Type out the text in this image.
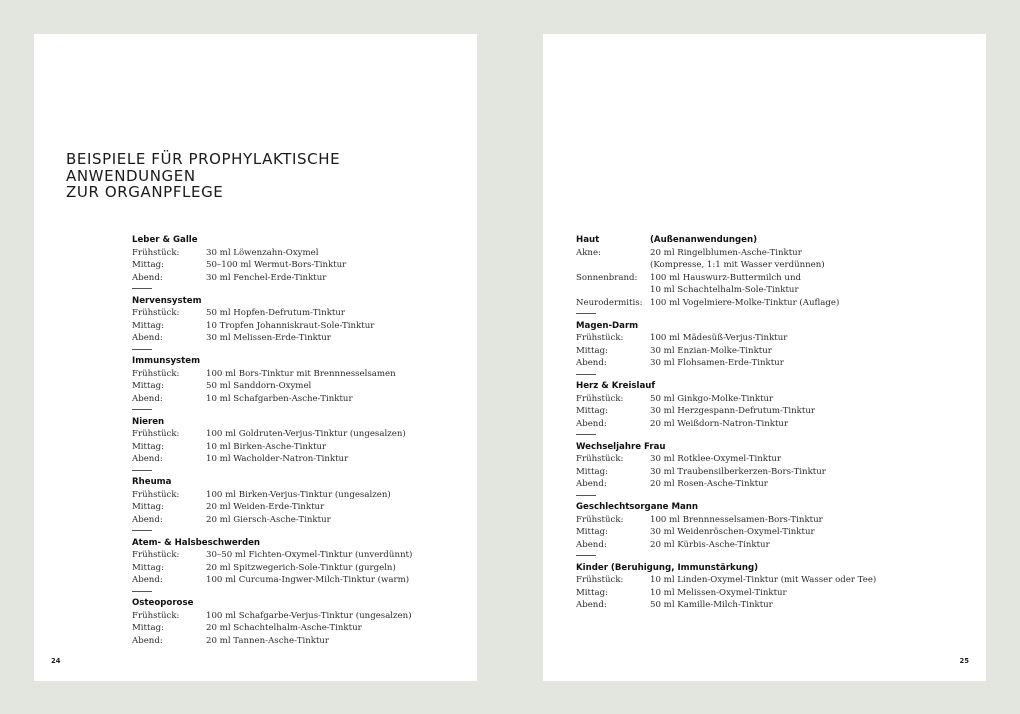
BEISPIELE FÜR PROPHYLAKTISCHE
ANWENDUNGEN
ZUR ORGANPFLEGE
Leber & Galle
Frühstück:	30 ml Löwenzahn-Oxymel
Mittag:	50–100 ml Wermut-Bors-Tinktur
Abend:	30 ml Fenchel-Erde-Tinktur
Nervensystem
Frühstück:	50 ml Hopfen-Defrutum-Tinktur
Mittag:	10 Tropfen Johanniskraut-Sole-Tinktur
Abend:	30 ml Melissen-Erde-Tinktur
Immunsystem
Frühstück:	100 ml Bors-Tinktur mit Brennnesselsamen
Mittag:	50 ml Sanddorn-Oxymel
Abend:	10 ml Schafgarben-Asche-Tinktur
Nieren
Frühstück:	100 ml Goldruten-Verjus-Tinktur (ungesalzen)
Mittag:	10 ml Birken-Asche-Tinktur
Abend:	10 ml Wacholder-Natron-Tinktur
Rheuma
Frühstück:	100 ml Birken-Verjus-Tinktur (ungesalzen)
Mittag:	20 ml Weiden-Erde-Tinktur
Abend:	20 ml Giersch-Asche-Tinktur
Atem- & Halsbeschwerden
Frühstück:	30–50 ml Fichten-Oxymel-Tinktur (unverdünnt)
Mittag:	20 ml Spitzwegerich-Sole-Tinktur (gurgeln)
Abend:	100 ml Curcuma-Ingwer-Milch-Tinktur (warm)
Osteoporose
Frühstück:	100 ml Schafgarbe-Verjus-Tinktur (ungesalzen)
Mittag:	20 ml Schachtelhalm-Asche-Tinktur
Abend:	20 ml Tannen-Asche-Tinktur
24
Haut	(Außenanwendungen)
Akne:	20 ml Ringelblumen-Asche-Tinktur
(Kompresse, 1:1 mit Wasser verdünnen)
Sonnenbrand:	100 ml Hauswurz-Buttermilch und
10 ml Schachtelhalm-Sole-Tinktur
Neurodermitis: 100 ml Vogelmiere-Molke-Tinktur (Auflage)
Magen-Darm
Frühstück:	100 ml Mädesüß-Verjus-Tinktur
Mittag:	30 ml Enzian-Molke-Tinktur
Abend:	30 ml Flohsamen-Erde-Tinktur
Herz & Kreislauf
Frühstück:	50 ml Ginkgo-Molke-Tinktur
Mittag:	30 ml Herzgespann-Defrutum-Tinktur
Abend:	20 ml Weißdorn-Natron-Tinktur
Wechseljahre Frau
Frühstück:	30 ml Rotklee-Oxymel-Tinktur
Mittag:	30 ml Traubensilberkerzen-Bors-Tinktur
Abend:	20 ml Rosen-Asche-Tinktur
Geschlechtsorgane Mann
Frühstück:	100 ml Brennnesselsamen-Bors-Tinktur
Mittag:	30 ml Weidenröschen-Oxymel-Tinktur
Abend:	20 ml Kürbis-Asche-Tinktur
Kinder (Beruhigung, Immunstärkung)
Frühstück:	10 ml Linden-Oxymel-Tinktur (mit Wasser oder Tee)
Mittag:	10 ml Melissen-Oxymel-Tinktur
Abend:	50 ml Kamille-Milch-Tinktur
25
